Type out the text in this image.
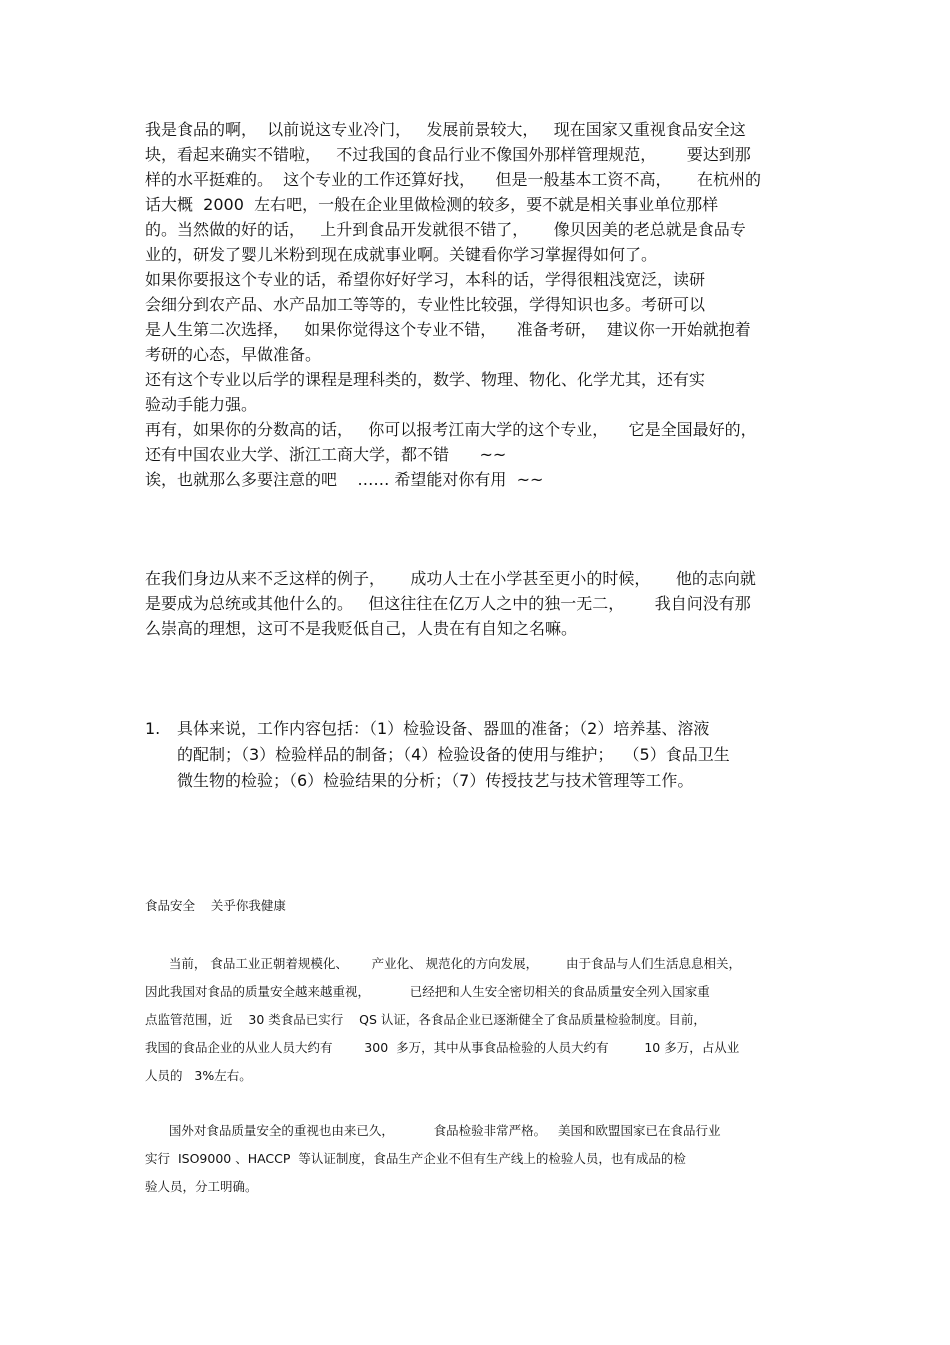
我是食品的啊，  以前说这专业冷门，   发展前景较大，   现在国家又重视食品安全这
块，看起来确实不错啦，   不过我国的食品行业不像国外那样管理规范，      要达到那
样的水平挺难的。  这个专业的工作还算好找，    但是一般基本工资不高，     在杭州的
话大概  2000  左右吧，一般在企业里做检测的较多，要不就是相关事业单位那样
的。当然做的好的话，   上升到食品开发就很不错了，     像贝因美的老总就是食品专
业的，研发了婴儿米粉到现在成就事业啊。关键看你学习掌握得如何了。
如果你要报这个专业的话，希望你好好学习，本科的话，学得很粗浅宽泛，读研
会细分到农产品、水产品加工等等的，专业性比较强，学得知识也多。考研可以
是人生第二次选择，   如果你觉得这个专业不错，    准备考研，  建议你一开始就抱着
考研的心态，早做准备。
还有这个专业以后学的课程是理科类的，数学、物理、物化、化学尤其，还有实
验动手能力强。
再有，如果你的分数高的话，   你可以报考江南大学的这个专业，    它是全国最好的，
还有中国农业大学、浙江工商大学，都不错      ~~
诶，也就那么多要注意的吧    …… 希望能对你有用  ~~
在我们身边从来不乏这样的例子，     成功人士在小学甚至更小的时候，     他的志向就
是要成为总统或其他什么的。   但这往往在亿万人之中的独一无二，      我自问没有那
么崇高的理想，这可不是我贬低自己，人贵在有自知之名嘛。
1. 具体来说，工作内容包括：（1）检验设备、器皿的准备；（2）培养基、溶液
的配制；（3）检验样品的制备；（4）检验设备的使用与维护；  （5）食品卫生
微生物的检验；（6）检验结果的分析；（7）传授技艺与技术管理等工作。
食品安全    关乎你我健康
当前， 食品工业正朝着规模化、      产业化、 规范化的方向发展，       由于食品与人们生活息息相关，
因此我国对食品的质量安全越来越重视，          已经把和人生安全密切相关的食品质量安全列入国家重
点监管范围，近    30 类食品已实行    QS 认证，各食品企业已逐渐健全了食品质量检验制度。目前，
我国的食品企业的从业人员大约有        300  多万，其中从事食品检验的人员大约有         10 多万，占从业
人员的   3%左右。
国外对食品质量安全的重视也由来已久，          食品检验非常严格。   美国和欧盟国家已在食品行业
实行  ISO9000 、HACCP  等认证制度，食品生产企业不但有生产线上的检验人员，也有成品的检
验人员，分工明确。
